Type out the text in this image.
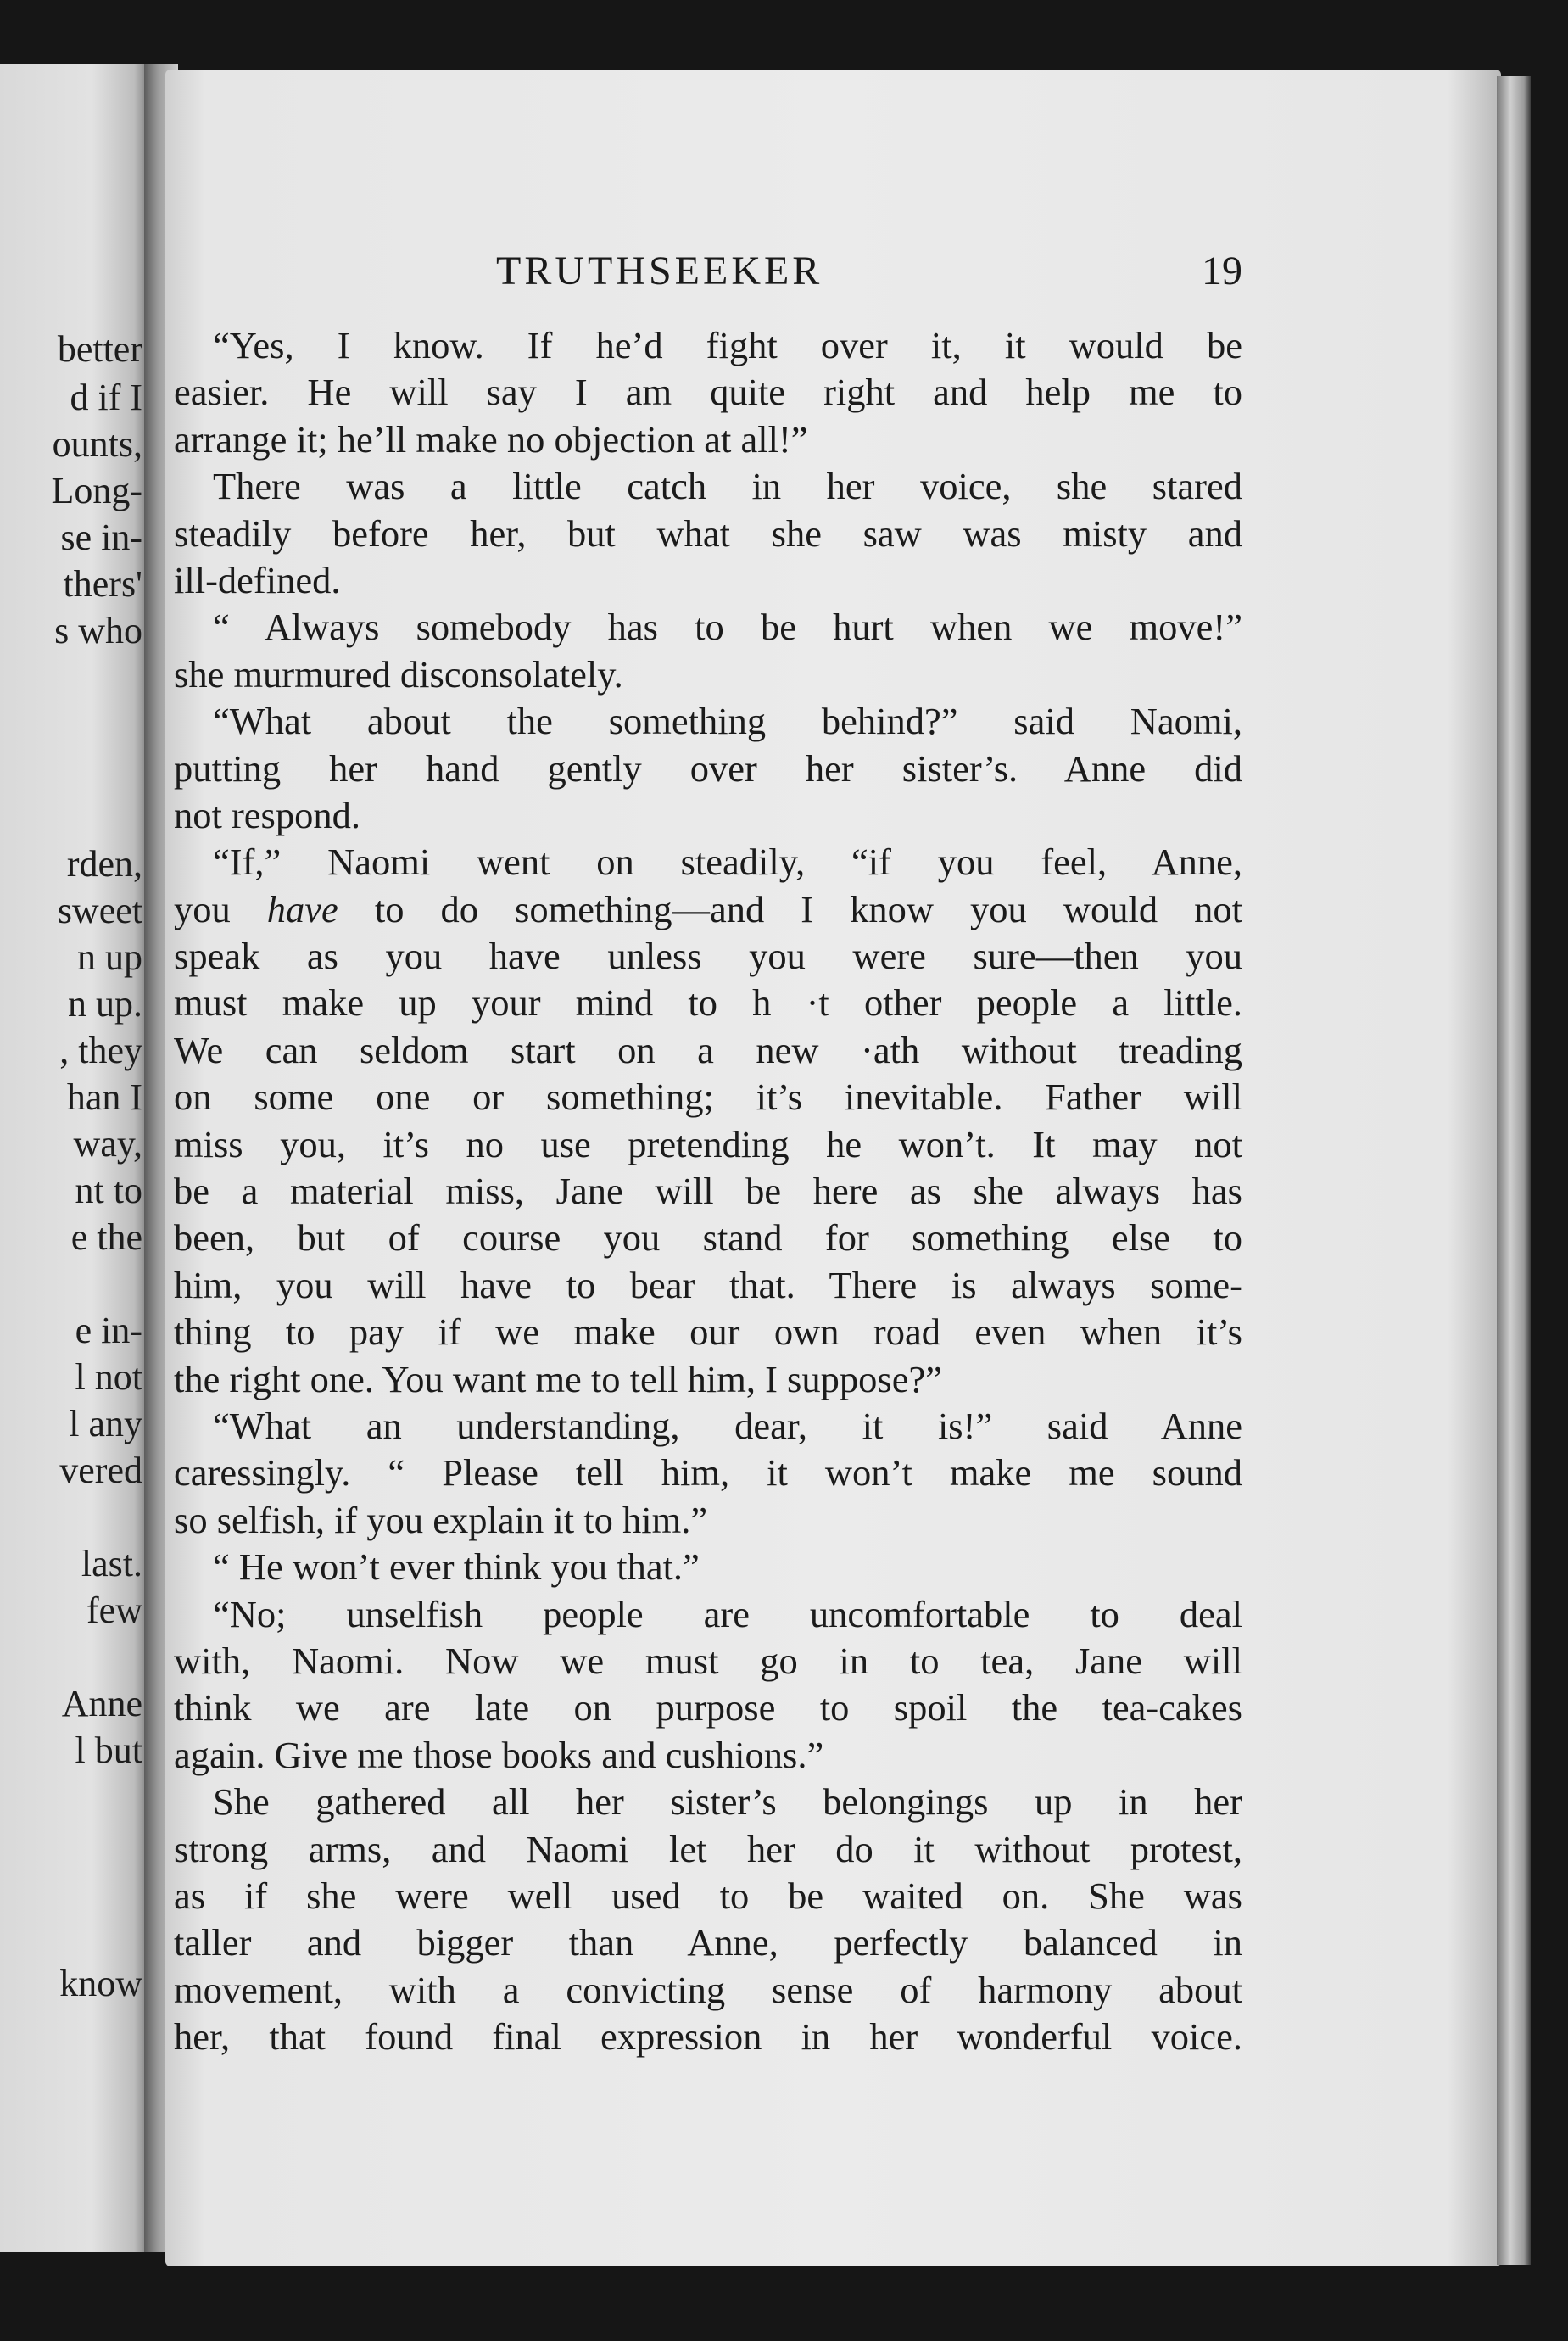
better
d if I
ounts,
Long-
se in-
thers'
s who
rden,
sweet
n up
n up.
, they
han I
way,
nt to
e the
e in-
l not
l any
vered
last.
few
Anne
l but
know
TRUTHSEEKER	19
“Yes, I know. If he’d fight over it, it would be
easier. He will say I am quite right and help me to
arrange it; he’ll make no objection at all!”
There was a little catch in her voice, she stared
steadily before her, but what she saw was misty and
ill-defined.
“ Always somebody has to be hurt when we move!”
she murmured disconsolately.
“What about the something behind?” said Naomi,
putting her hand gently over her sister’s. Anne did
not respond.
“If,” Naomi went on steadily, “if you feel, Anne,
you have to do something—and I know you would not
speak as you have unless you were sure—then you
must make up your mind to h ·t other people a little.
We can seldom start on a new ·ath without treading
on some one or something; it’s inevitable. Father will
miss you, it’s no use pretending he won’t. It may not
be a material miss, Jane will be here as she always has
been, but of course you stand for something else to
him, you will have to bear that. There is always some-
thing to pay if we make our own road even when it’s
the right one. You want me to tell him, I suppose?”
“What an understanding, dear, it is!” said Anne
caressingly. “ Please tell him, it won’t make me sound
so selfish, if you explain it to him.”
“ He won’t ever think you that.”
“No; unselfish people are uncomfortable to deal
with, Naomi. Now we must go in to tea, Jane will
think we are late on purpose to spoil the tea-cakes
again. Give me those books and cushions.”
She gathered all her sister’s belongings up in her
strong arms, and Naomi let her do it without protest,
as if she were well used to be waited on. She was
taller and bigger than Anne, perfectly balanced in
movement, with a convicting sense of harmony about
her, that found final expression in her wonderful voice.
